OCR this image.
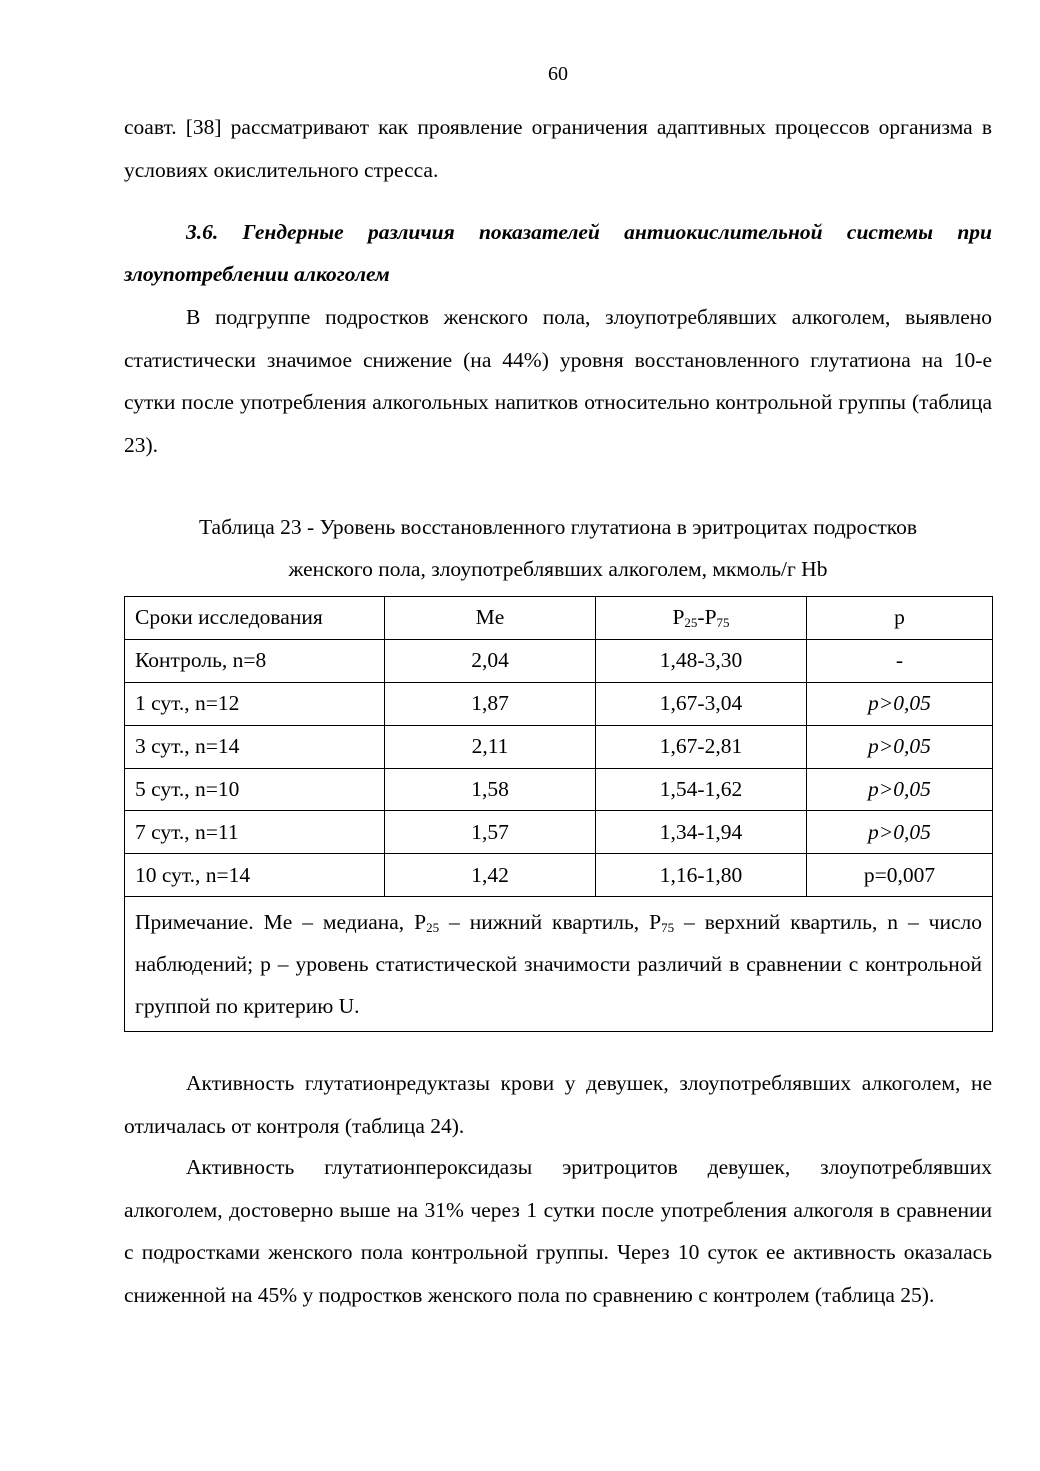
60

соавт. [38] рассматривают как проявление ограничения адаптивных процессов организма в условиях окислительного стресса.

3.6. Гендерные различия показателей антиокислительной системы при злоупотреблении алкоголем

В подгруппе подростков женского пола, злоупотреблявших алкоголем, выявлено статистически значимое снижение (на 44%) уровня восстановленного глутатиона на 10-е сутки после употребления алкогольных напитков относительно контрольной группы (таблица 23).

Таблица 23 - Уровень восстановленного глутатиона в эритроцитах подростков

женского пола, злоупотреблявших алкоголем, мкмоль/г Hb

Сроки исследования	Me	$P_{25}-P_{75}$	p
Контроль, n=8	2,04	1,48-3,30	-
1 сут., n=12	1,87	1,67-3,04	p>0,05
3 сут., n=14	2,11	1,67-2,81	p>0,05
5 сут., n=10	1,58	1,54-1,62	p>0,05
7 сут., n=11	1,57	1,34-1,94	p>0,05
10 сут., n=14	1,42	1,16-1,80	p=0,007
Примечание. Me – медиана, $P_{25}$ – нижний квартиль, $P_{75}$ – верхний квартиль, n – число наблюдений; р – уровень статистической значимости различий в сравнении с контрольной группой по критерию U.			

Активность глутатионредуктазы крови у девушек, злоупотреблявших алкоголем, не отличалась от контроля (таблица 24).

Активность глутатионпероксидазы эритроцитов девушек, злоупотреблявших алкоголем, достоверно выше на 31% через 1 сутки после употребления алкоголя в сравнении с подростками женского пола контрольной группы. Через 10 суток ее активность оказалась сниженной на 45% у подростков женского пола по сравнению с контролем (таблица 25).
